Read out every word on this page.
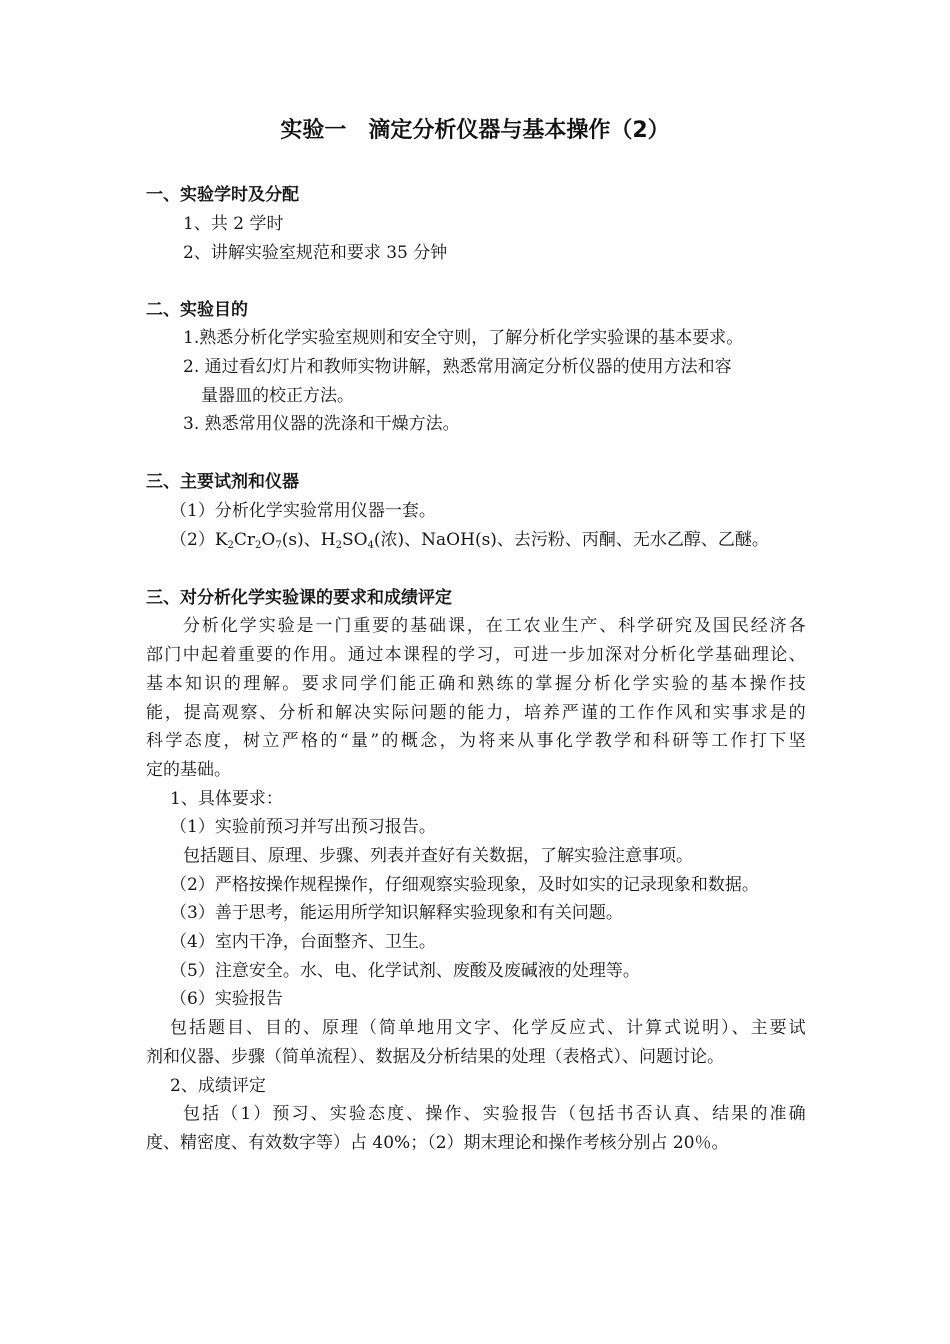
实验一　滴定分析仪器与基本操作（2）
一、实验学时及分配
1、共 2 学时
2、讲解实验室规范和要求 35 分钟
二、实验目的
1.熟悉分析化学实验室规则和安全守则，了解分析化学实验课的基本要求。
2. 通过看幻灯片和教师实物讲解，熟悉常用滴定分析仪器的使用方法和容
量器皿的校正方法。
3. 熟悉常用仪器的洗涤和干燥方法。
三、主要试剂和仪器
（1）分析化学实验常用仪器一套。
$(2)K_2Cr_2O_7(s)$、$H_2SO_4$(浓)、NaOH(s)、去污粉、丙酮、无水乙醇、乙醚。
三、对分析化学实验课的要求和成绩评定
分析化学实验是一门重要的基础课，在工农业生产、科学研究及国民经济各
部门中起着重要的作用。通过本课程的学习，可进一步加深对分析化学基础理论、
基本知识的理解。要求同学们能正确和熟练的掌握分析化学实验的基本操作技
能，提高观察、分析和解决实际问题的能力，培养严谨的工作作风和实事求是的
科学态度，树立严格的“量”的概念，为将来从事化学教学和科研等工作打下坚
定的基础。
1、具体要求：
（1）实验前预习并写出预习报告。
包括题目、原理、步骤、列表并查好有关数据，了解实验注意事项。
（2）严格按操作规程操作，仔细观察实验现象，及时如实的记录现象和数据。
（3）善于思考，能运用所学知识解释实验现象和有关问题。
（4）室内干净，台面整齐、卫生。
（5）注意安全。水、电、化学试剂、废酸及废碱液的处理等。
（6）实验报告
包括题目、目的、原理（简单地用文字、化学反应式、计算式说明）、主要试
剂和仪器、步骤（简单流程）、数据及分析结果的处理（表格式）、问题讨论。
2、成绩评定
包括（1）预习、实验态度、操作、实验报告（包括书否认真、结果的准确
度、精密度、有效数字等）占 40%；（2）期末理论和操作考核分别占 20％。
